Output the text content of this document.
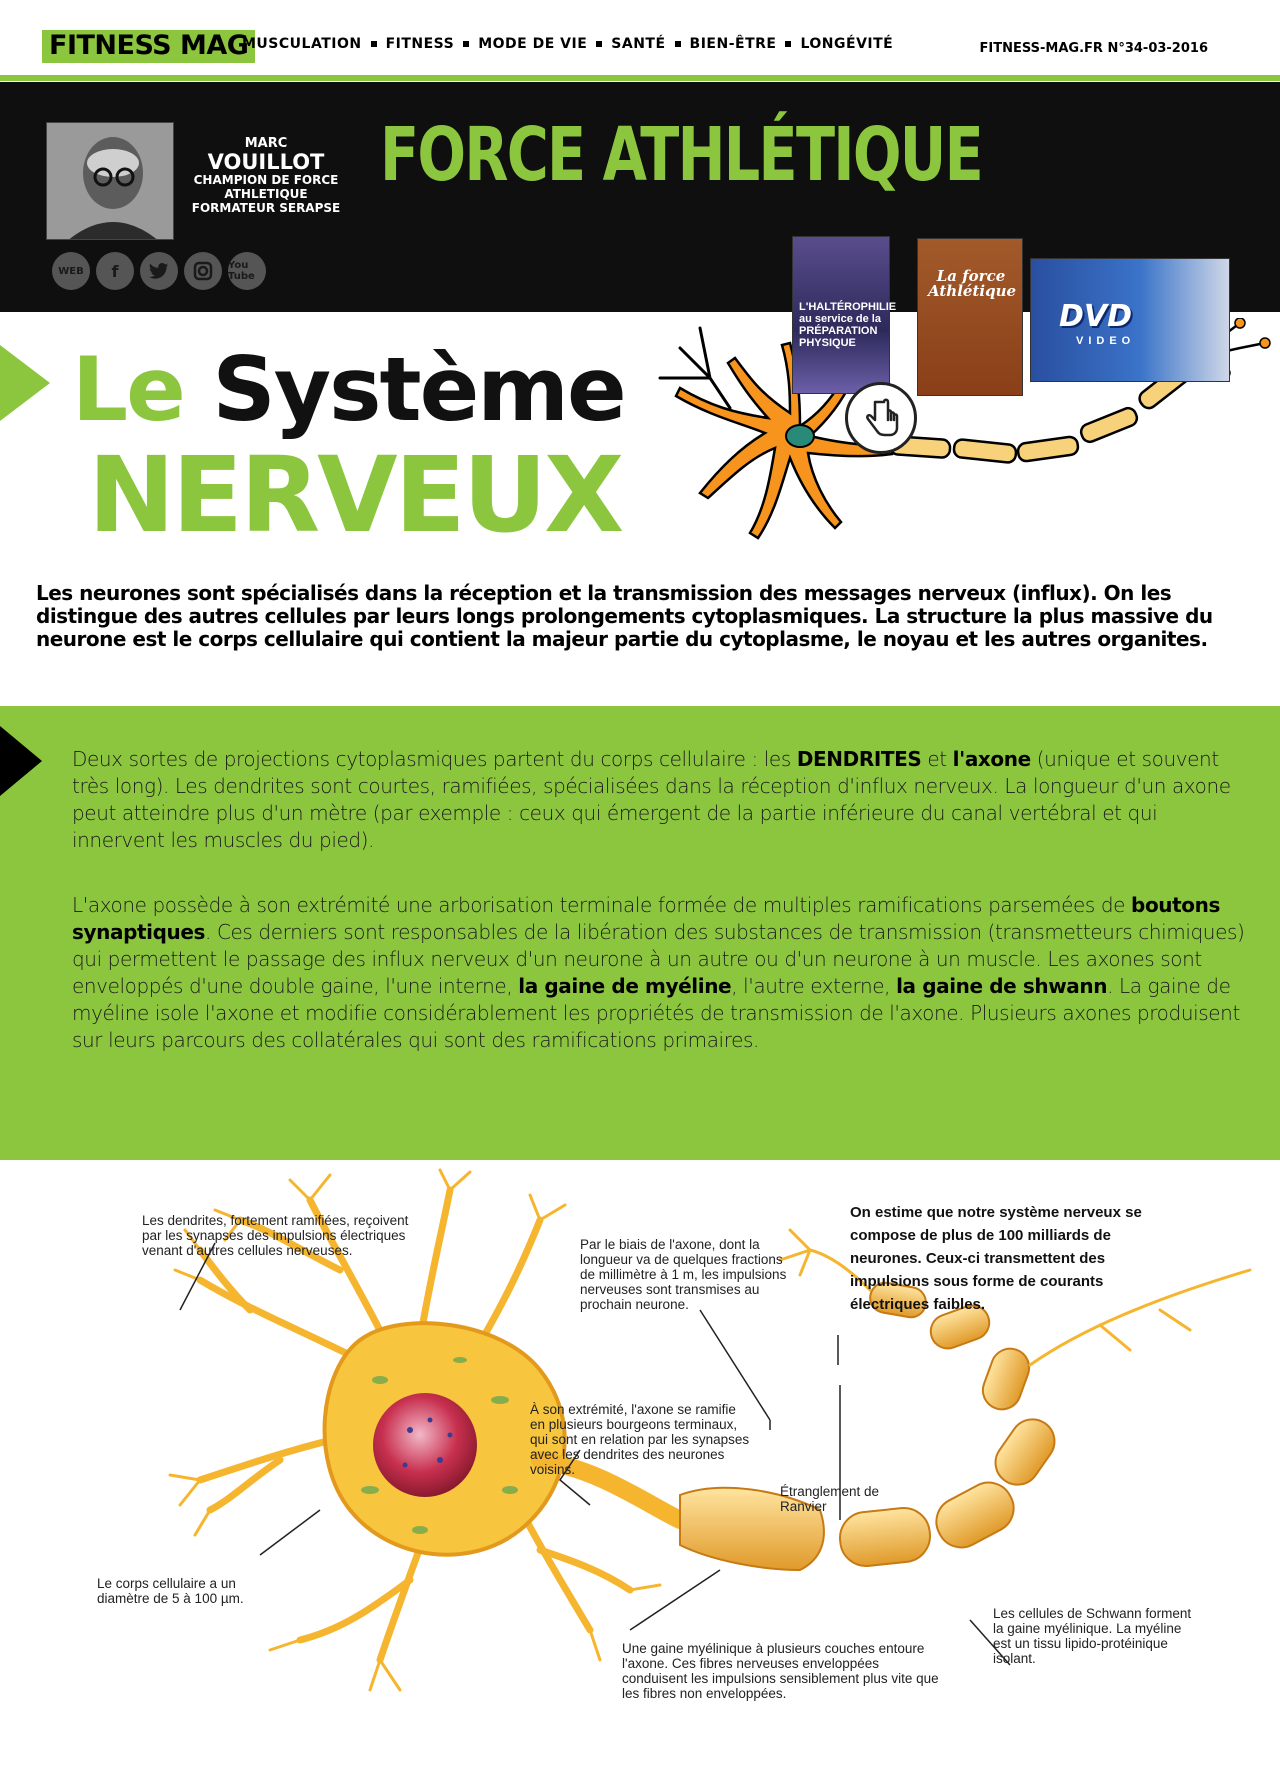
FITNESS MAG
MUSCULATION FITNESS MODE DE VIE SANTÉ BIEN-ÊTRE LONGÉVITÉ	FITNESS-MAG.FR N°34-03-2016
MARC
VOUILLOT
CHAMPION DE FORCE
ATHLETIQUE
FORMATEUR SERAPSE
WEB	f	You Tube
FORCE ATHLÉTIQUE
L'HALTÉROPHILIE au service de la PRÉPARATION PHYSIQUE
La force Athlétique
DVD
VIDEO
Le Système
NERVEUX
Les neurones sont spécialisés dans la réception et la transmission des messages nerveux (influx). On les distingue des autres cellules par leurs longs prolongements cytoplasmiques. La structure la plus massive du neurone est le corps cellulaire qui contient la majeur partie du cytoplasme, le noyau et les autres organites.

Deux sortes de projections cytoplasmiques partent du corps cellulaire : les DENDRITES et l'axone (unique et souvent très long). Les dendrites sont courtes, ramifiées, spécialisées dans la réception d'influx nerveux. La longueur d'un axone peut atteindre plus d'un mètre (par exemple : ceux qui émergent de la partie inférieure du canal vertébral et qui innervent les muscles du pied).

L'axone possède à son extrémité une arborisation terminale formée de multiples ramifications parsemées de boutons synaptiques. Ces derniers sont responsables de la libération des substances de transmission (transmetteurs chimiques) qui permettent le passage des influx nerveux d'un neurone à un autre ou d'un neurone à un muscle. Les axones sont enveloppés d'une double gaine, l'une interne, la gaine de myéline, l'autre externe, la gaine de shwann. La gaine de myéline isole l'axone et modifie considérablement les propriétés de transmission de l'axone. Plusieurs axones produisent sur leurs parcours des collatérales qui sont des ramifications primaires.

Les dendrites, fortement ramifiées, reçoivent par les synapses des impulsions électriques venant d'autres cellules nerveuses.	Par le biais de l'axone, dont la longueur va de quelques fractions de millimètre à 1 m, les impulsions nerveuses sont transmises au prochain neurone.
On estime que notre système nerveux se compose de plus de 100 milliards de neurones. Ceux-ci transmettent des impulsions sous forme de courants électriques faibles.
À son extrémité, l'axone se ramifie en plusieurs bourgeons terminaux, qui sont en relation par les synapses avec les dendrites des neurones voisins.
Étranglement de Ranvier
Le corps cellulaire a un diamètre de 5 à 100 µm.
Une gaine myélinique à plusieurs couches entoure l'axone. Ces fibres nerveuses enveloppées conduisent les impulsions sensiblement plus vite que les fibres non enveloppées.
Les cellules de Schwann forment la gaine myélinique. La myéline est un tissu lipido-protéinique isolant.
